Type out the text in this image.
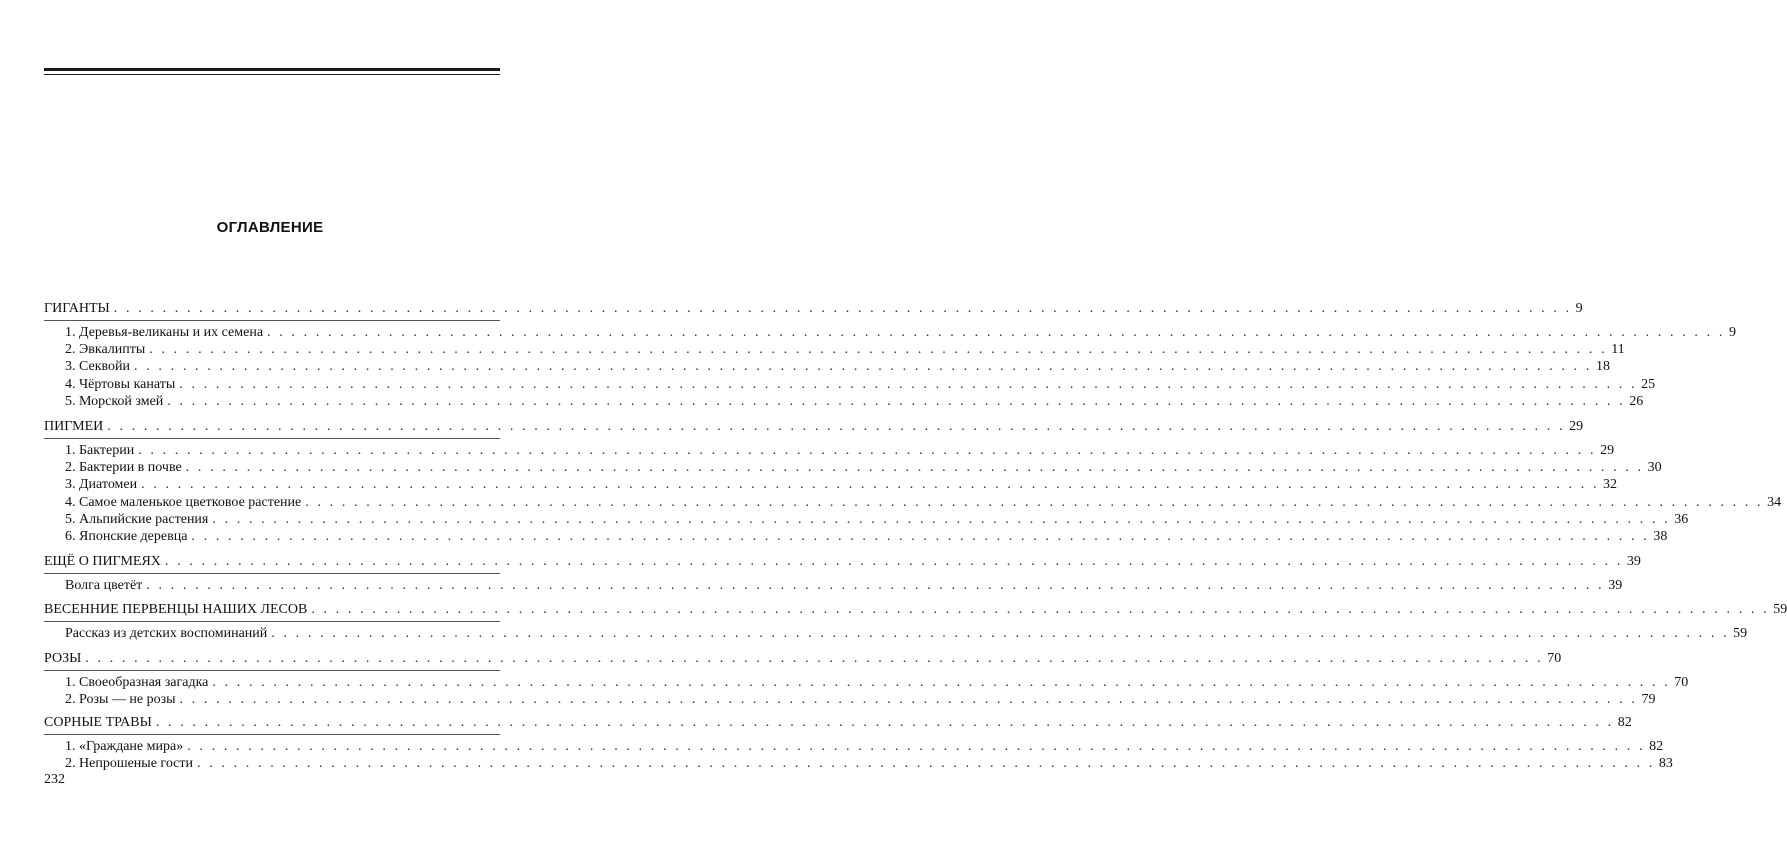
ОГЛАВЛЕНИЕ
ГИГАНТЫ . . . . . . . . . . . . . . . . . . . . . . . . . . . . . . . . . . . . . . . . . . . . . . . . . . . . . . . . . . . . . . . . . . . . . . . . . . . . . . . . . . . . . . . . . . . . . . . . . . . . . . . . . . . . . . . . . . . . . . . . 9
1. Деревья-великаны и их семена . . . . . . . . . . . . . . . . . . . . . . . . . . . . . . . . . . . . . . . . . . . . . . . . . . . . . . . . . . . . . . . . . . . . . . . . . . . . . . . . . . . . . . . . . . . . . . . . . . . . . . . . . . . . . . . . . . . . . . . . 9
2. Эвкалипты . . . . . . . . . . . . . . . . . . . . . . . . . . . . . . . . . . . . . . . . . . . . . . . . . . . . . . . . . . . . . . . . . . . . . . . . . . . . . . . . . . . . . . . . . . . . . . . . . . . . . . . . . . . . . . . . . . . . . . . . 11
3. Секвойи . . . . . . . . . . . . . . . . . . . . . . . . . . . . . . . . . . . . . . . . . . . . . . . . . . . . . . . . . . . . . . . . . . . . . . . . . . . . . . . . . . . . . . . . . . . . . . . . . . . . . . . . . . . . . . . . . . . . . . . . 18
4. Чёртовы канаты . . . . . . . . . . . . . . . . . . . . . . . . . . . . . . . . . . . . . . . . . . . . . . . . . . . . . . . . . . . . . . . . . . . . . . . . . . . . . . . . . . . . . . . . . . . . . . . . . . . . . . . . . . . . . . . . . . . . . . . . 25
5. Морской змей . . . . . . . . . . . . . . . . . . . . . . . . . . . . . . . . . . . . . . . . . . . . . . . . . . . . . . . . . . . . . . . . . . . . . . . . . . . . . . . . . . . . . . . . . . . . . . . . . . . . . . . . . . . . . . . . . . . . . . . . 26
ПИГМЕИ . . . . . . . . . . . . . . . . . . . . . . . . . . . . . . . . . . . . . . . . . . . . . . . . . . . . . . . . . . . . . . . . . . . . . . . . . . . . . . . . . . . . . . . . . . . . . . . . . . . . . . . . . . . . . . . . . . . . . . . . 29
1. Бактерии . . . . . . . . . . . . . . . . . . . . . . . . . . . . . . . . . . . . . . . . . . . . . . . . . . . . . . . . . . . . . . . . . . . . . . . . . . . . . . . . . . . . . . . . . . . . . . . . . . . . . . . . . . . . . . . . . . . . . . . . 29
2. Бактерии в почве . . . . . . . . . . . . . . . . . . . . . . . . . . . . . . . . . . . . . . . . . . . . . . . . . . . . . . . . . . . . . . . . . . . . . . . . . . . . . . . . . . . . . . . . . . . . . . . . . . . . . . . . . . . . . . . . . . . . . . . . 30
3. Диатомеи . . . . . . . . . . . . . . . . . . . . . . . . . . . . . . . . . . . . . . . . . . . . . . . . . . . . . . . . . . . . . . . . . . . . . . . . . . . . . . . . . . . . . . . . . . . . . . . . . . . . . . . . . . . . . . . . . . . . . . . . 32
4. Самое маленькое цветковое растение . . . . . . . . . . . . . . . . . . . . . . . . . . . . . . . . . . . . . . . . . . . . . . . . . . . . . . . . . . . . . . . . . . . . . . . . . . . . . . . . . . . . . . . . . . . . . . . . . . . . . . . . . . . . . . . . . . . . . . . . 34
5. Альпийские растения . . . . . . . . . . . . . . . . . . . . . . . . . . . . . . . . . . . . . . . . . . . . . . . . . . . . . . . . . . . . . . . . . . . . . . . . . . . . . . . . . . . . . . . . . . . . . . . . . . . . . . . . . . . . . . . . . . . . . . . . 36
6. Японские деревца . . . . . . . . . . . . . . . . . . . . . . . . . . . . . . . . . . . . . . . . . . . . . . . . . . . . . . . . . . . . . . . . . . . . . . . . . . . . . . . . . . . . . . . . . . . . . . . . . . . . . . . . . . . . . . . . . . . . . . . . 38
ЕЩЁ О ПИГМЕЯХ . . . . . . . . . . . . . . . . . . . . . . . . . . . . . . . . . . . . . . . . . . . . . . . . . . . . . . . . . . . . . . . . . . . . . . . . . . . . . . . . . . . . . . . . . . . . . . . . . . . . . . . . . . . . . . . . . . . . . . . . 39
Волга цветёт . . . . . . . . . . . . . . . . . . . . . . . . . . . . . . . . . . . . . . . . . . . . . . . . . . . . . . . . . . . . . . . . . . . . . . . . . . . . . . . . . . . . . . . . . . . . . . . . . . . . . . . . . . . . . . . . . . . . . . . . 39
ВЕСЕННИЕ ПЕРВЕНЦЫ НАШИХ ЛЕСОВ . . . . . . . . . . . . . . . . . . . . . . . . . . . . . . . . . . . . . . . . . . . . . . . . . . . . . . . . . . . . . . . . . . . . . . . . . . . . . . . . . . . . . . . . . . . . . . . . . . . . . . . . . . . . . . . . . . . . . . . . 59
Рассказ из детских воспоминаний . . . . . . . . . . . . . . . . . . . . . . . . . . . . . . . . . . . . . . . . . . . . . . . . . . . . . . . . . . . . . . . . . . . . . . . . . . . . . . . . . . . . . . . . . . . . . . . . . . . . . . . . . . . . . . . . . . . . . . . . 59
РОЗЫ . . . . . . . . . . . . . . . . . . . . . . . . . . . . . . . . . . . . . . . . . . . . . . . . . . . . . . . . . . . . . . . . . . . . . . . . . . . . . . . . . . . . . . . . . . . . . . . . . . . . . . . . . . . . . . . . . . . . . . . . 70
1. Своеобразная загадка . . . . . . . . . . . . . . . . . . . . . . . . . . . . . . . . . . . . . . . . . . . . . . . . . . . . . . . . . . . . . . . . . . . . . . . . . . . . . . . . . . . . . . . . . . . . . . . . . . . . . . . . . . . . . . . . . . . . . . . . 70
2. Розы — не розы . . . . . . . . . . . . . . . . . . . . . . . . . . . . . . . . . . . . . . . . . . . . . . . . . . . . . . . . . . . . . . . . . . . . . . . . . . . . . . . . . . . . . . . . . . . . . . . . . . . . . . . . . . . . . . . . . . . . . . . . 79
СОРНЫЕ ТРАВЫ . . . . . . . . . . . . . . . . . . . . . . . . . . . . . . . . . . . . . . . . . . . . . . . . . . . . . . . . . . . . . . . . . . . . . . . . . . . . . . . . . . . . . . . . . . . . . . . . . . . . . . . . . . . . . . . . . . . . . . . . 82
1. «Граждане мира» . . . . . . . . . . . . . . . . . . . . . . . . . . . . . . . . . . . . . . . . . . . . . . . . . . . . . . . . . . . . . . . . . . . . . . . . . . . . . . . . . . . . . . . . . . . . . . . . . . . . . . . . . . . . . . . . . . . . . . . . 82
2. Непрошеные гости . . . . . . . . . . . . . . . . . . . . . . . . . . . . . . . . . . . . . . . . . . . . . . . . . . . . . . . . . . . . . . . . . . . . . . . . . . . . . . . . . . . . . . . . . . . . . . . . . . . . . . . . . . . . . . . . . . . . . . . . 83
232
